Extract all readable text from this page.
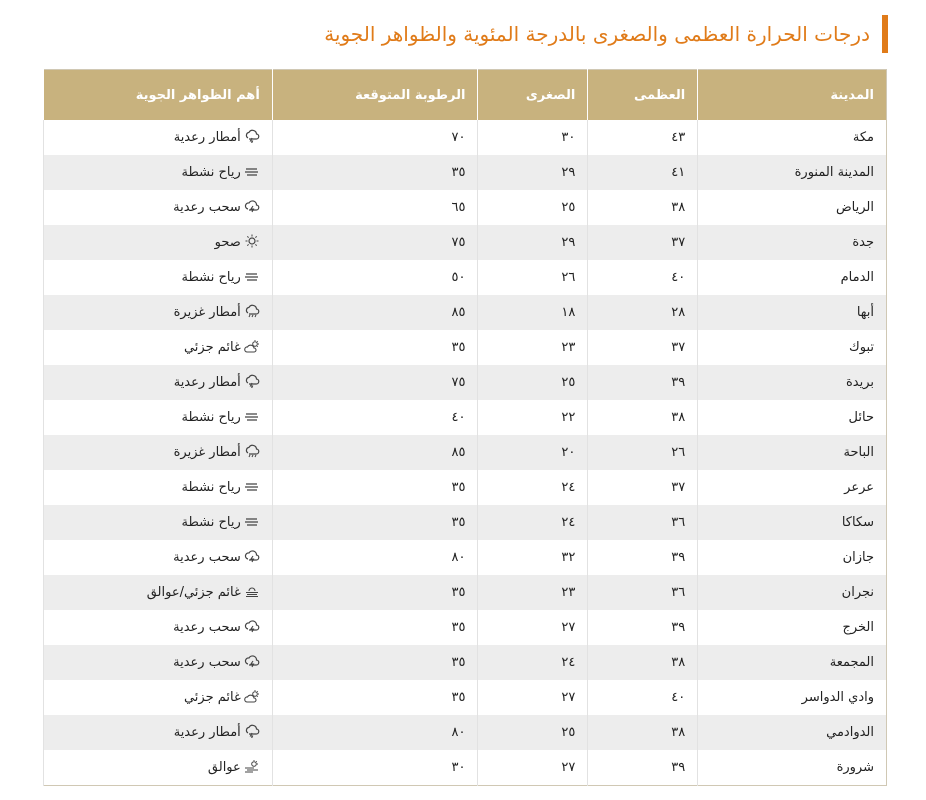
درجات الحرارة العظمى والصغرى بالدرجة المئوية والظواهر الجوية
المدينة	العظمى	الصغرى	الرطوبة المتوقعة	أهم الظواهر الجوية
مكة	٤٣	٣٠	٧٠	أمطار رعدية

المدينة المنورة	٤١	٢٩	٣٥	رياح نشطة

الرياض	٣٨	٢٥	٦٥	سحب رعدية

جدة	٣٧	٢٩	٧٥	صحو

الدمام	٤٠	٢٦	٥٠	رياح نشطة

أبها	٢٨	١٨	٨٥	أمطار غزيرة

تبوك	٣٧	٢٣	٣٥	غائم جزئي

بريدة	٣٩	٢٥	٧٥	أمطار رعدية

حائل	٣٨	٢٢	٤٠	رياح نشطة

الباحة	٢٦	٢٠	٨٥	أمطار غزيرة

عرعر	٣٧	٢٤	٣٥	رياح نشطة

سكاكا	٣٦	٢٤	٣٥	رياح نشطة

جازان	٣٩	٣٢	٨٠	سحب رعدية

نجران	٣٦	٢٣	٣٥	غائم جزئي/عوالق

الخرج	٣٩	٢٧	٣٥	سحب رعدية

المجمعة	٣٨	٢٤	٣٥	سحب رعدية

وادي الدواسر	٤٠	٢٧	٣٥	غائم جزئي

الدوادمي	٣٨	٢٥	٨٠	أمطار رعدية

شرورة	٣٩	٢٧	٣٠	عوالق
